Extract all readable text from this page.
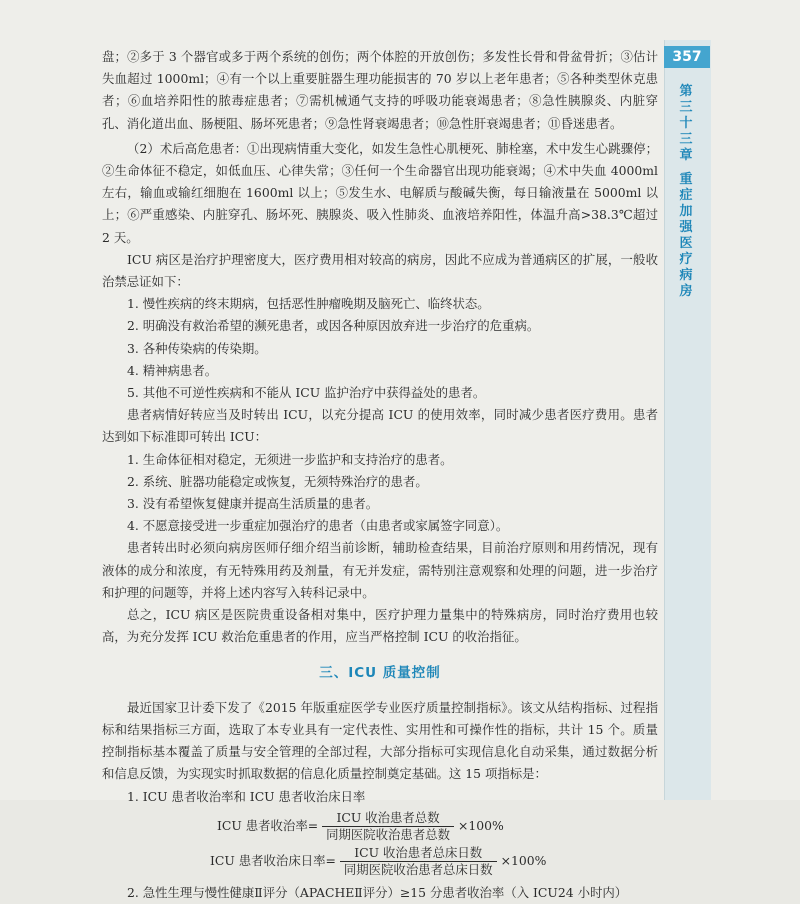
盘；②多于 3 个器官或多于两个系统的创伤；两个体腔的开放创伤；多发性长骨和骨盆骨折；③估计失血超过 1000ml；④有一个以上重要脏器生理功能损害的 70 岁以上老年患者；⑤各种类型休克患者；⑥血培养阳性的脓毒症患者；⑦需机械通气支持的呼吸功能衰竭患者；⑧急性胰腺炎、内脏穿孔、消化道出血、肠梗阻、肠坏死患者；⑨急性肾衰竭患者；⑩急性肝衰竭患者；⑪昏迷患者。

（2）术后高危患者：①出现病情重大变化，如发生急性心肌梗死、肺栓塞，术中发生心跳骤停；②生命体征不稳定，如低血压、心律失常；③任何一个生命器官出现功能衰竭；④术中失血 4000ml 左右，输血或输红细胞在 1600ml 以上；⑤发生水、电解质与酸碱失衡，每日输液量在 5000ml 以上；⑥严重感染、内脏穿孔、肠坏死、胰腺炎、吸入性肺炎、血液培养阳性，体温升高>38.3℃超过 2 天。

ICU 病区是治疗护理密度大，医疗费用相对较高的病房，因此不应成为普通病区的扩展，一般收治禁忌证如下：

1. 慢性疾病的终末期病，包括恶性肿瘤晚期及脑死亡、临终状态。

2. 明确没有救治希望的濒死患者，或因各种原因放弃进一步治疗的危重病。

3. 各种传染病的传染期。

4. 精神病患者。

5. 其他不可逆性疾病和不能从 ICU 监护治疗中获得益处的患者。

患者病情好转应当及时转出 ICU，以充分提高 ICU 的使用效率，同时减少患者医疗费用。患者达到如下标准即可转出 ICU：

1. 生命体征相对稳定，无须进一步监护和支持治疗的患者。

2. 系统、脏器功能稳定或恢复，无须特殊治疗的患者。

3. 没有希望恢复健康并提高生活质量的患者。

4. 不愿意接受进一步重症加强治疗的患者（由患者或家属签字同意）。

患者转出时必须向病房医师仔细介绍当前诊断，辅助检查结果，目前治疗原则和用药情况，现有液体的成分和浓度，有无特殊用药及剂量，有无并发症，需特别注意观察和处理的问题，进一步治疗和护理的问题等，并将上述内容写入转科记录中。

总之，ICU 病区是医院贵重设备相对集中，医疗护理力量集中的特殊病房，同时治疗费用也较高，为充分发挥 ICU 救治危重患者的作用，应当严格控制 ICU 的收治指征。

三、ICU 质量控制

最近国家卫计委下发了《2015 年版重症医学专业医疗质量控制指标》。该文从结构指标、过程指标和结果指标三方面，选取了本专业具有一定代表性、实用性和可操作性的指标，共计 15 个。质量控制指标基本覆盖了质量与安全管理的全部过程，大部分指标可实现信息化自动采集，通过数据分析和信息反馈，为实现实时抓取数据的信息化质量控制奠定基础。这 15 项指标是：

1. ICU 患者收治率和 ICU 患者收治床日率

ICU 患者收治率= $\frac{\text{ICU 收治患者总数}}{\text{同期医院收治患者总数}} \times 100\%$
ICU 患者收治床日率= $\frac{\text{ICU 收治患者总床日数}}{\text{同期医院收治患者总床日数}} \times 100\%$

2. 急性生理与慢性健康Ⅱ评分（APACHEⅡ评分）≥15 分患者收治率（入 ICU24 小时内）

357
第三十三章
重症加强医疗病房
